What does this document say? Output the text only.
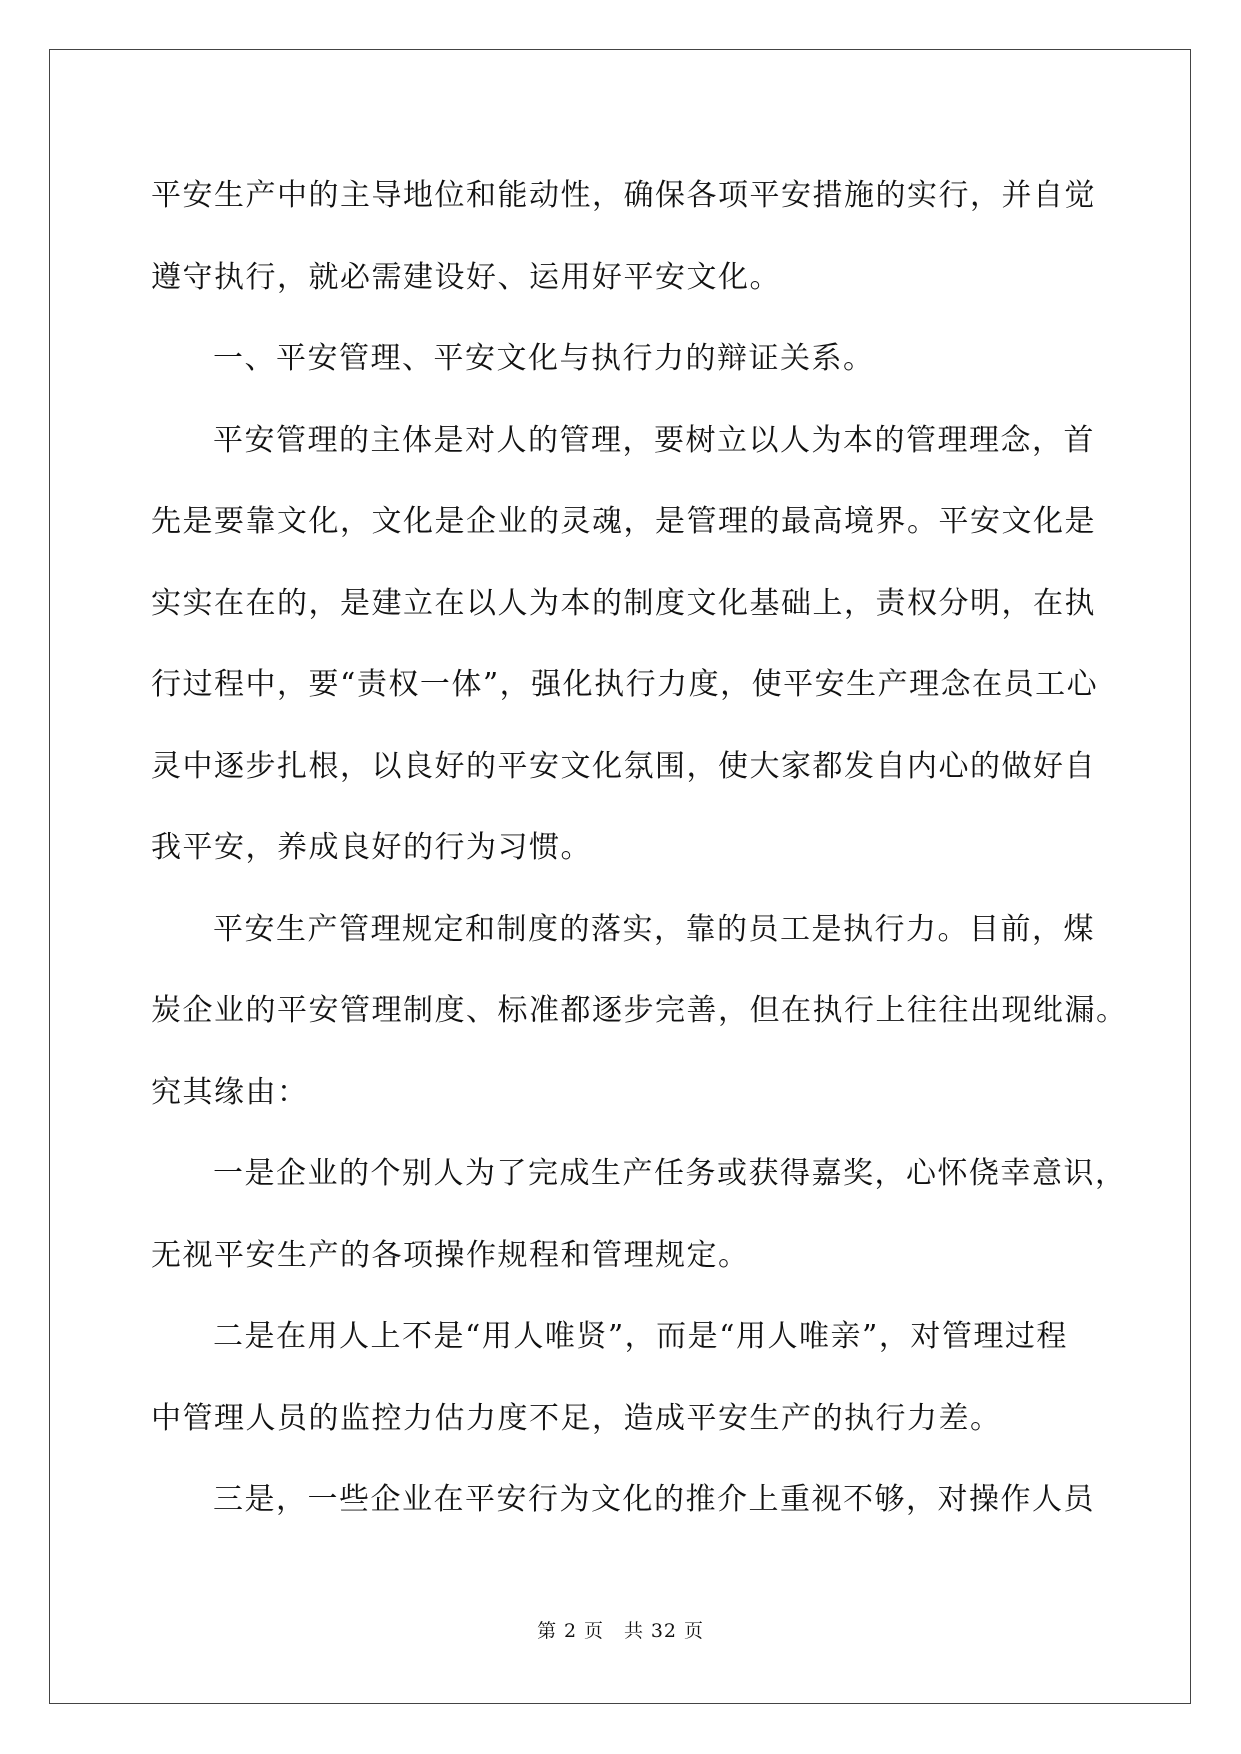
平安生产中的主导地位和能动性，确保各项平安措施的实行，并自觉
遵守执行，就必需建设好、运用好平安文化。
一、平安管理、平安文化与执行力的辩证关系。
平安管理的主体是对人的管理，要树立以人为本的管理理念，首
先是要靠文化，文化是企业的灵魂，是管理的最高境界。平安文化是
实实在在的，是建立在以人为本的制度文化基础上，责权分明，在执
行过程中，要“责权一体”，强化执行力度，使平安生产理念在员工心
灵中逐步扎根，以良好的平安文化氛围，使大家都发自内心的做好自
我平安，养成良好的行为习惯。
平安生产管理规定和制度的落实，靠的员工是执行力。目前，煤
炭企业的平安管理制度、标准都逐步完善，但在执行上往往出现纰漏。
究其缘由：
一是企业的个别人为了完成生产任务或获得嘉奖，心怀侥幸意识，
无视平安生产的各项操作规程和管理规定。
二是在用人上不是“用人唯贤”，而是“用人唯亲”，对管理过程
中管理人员的监控力估力度不足，造成平安生产的执行力差。
三是，一些企业在平安行为文化的推介上重视不够，对操作人员
第 2 页　共 32 页
